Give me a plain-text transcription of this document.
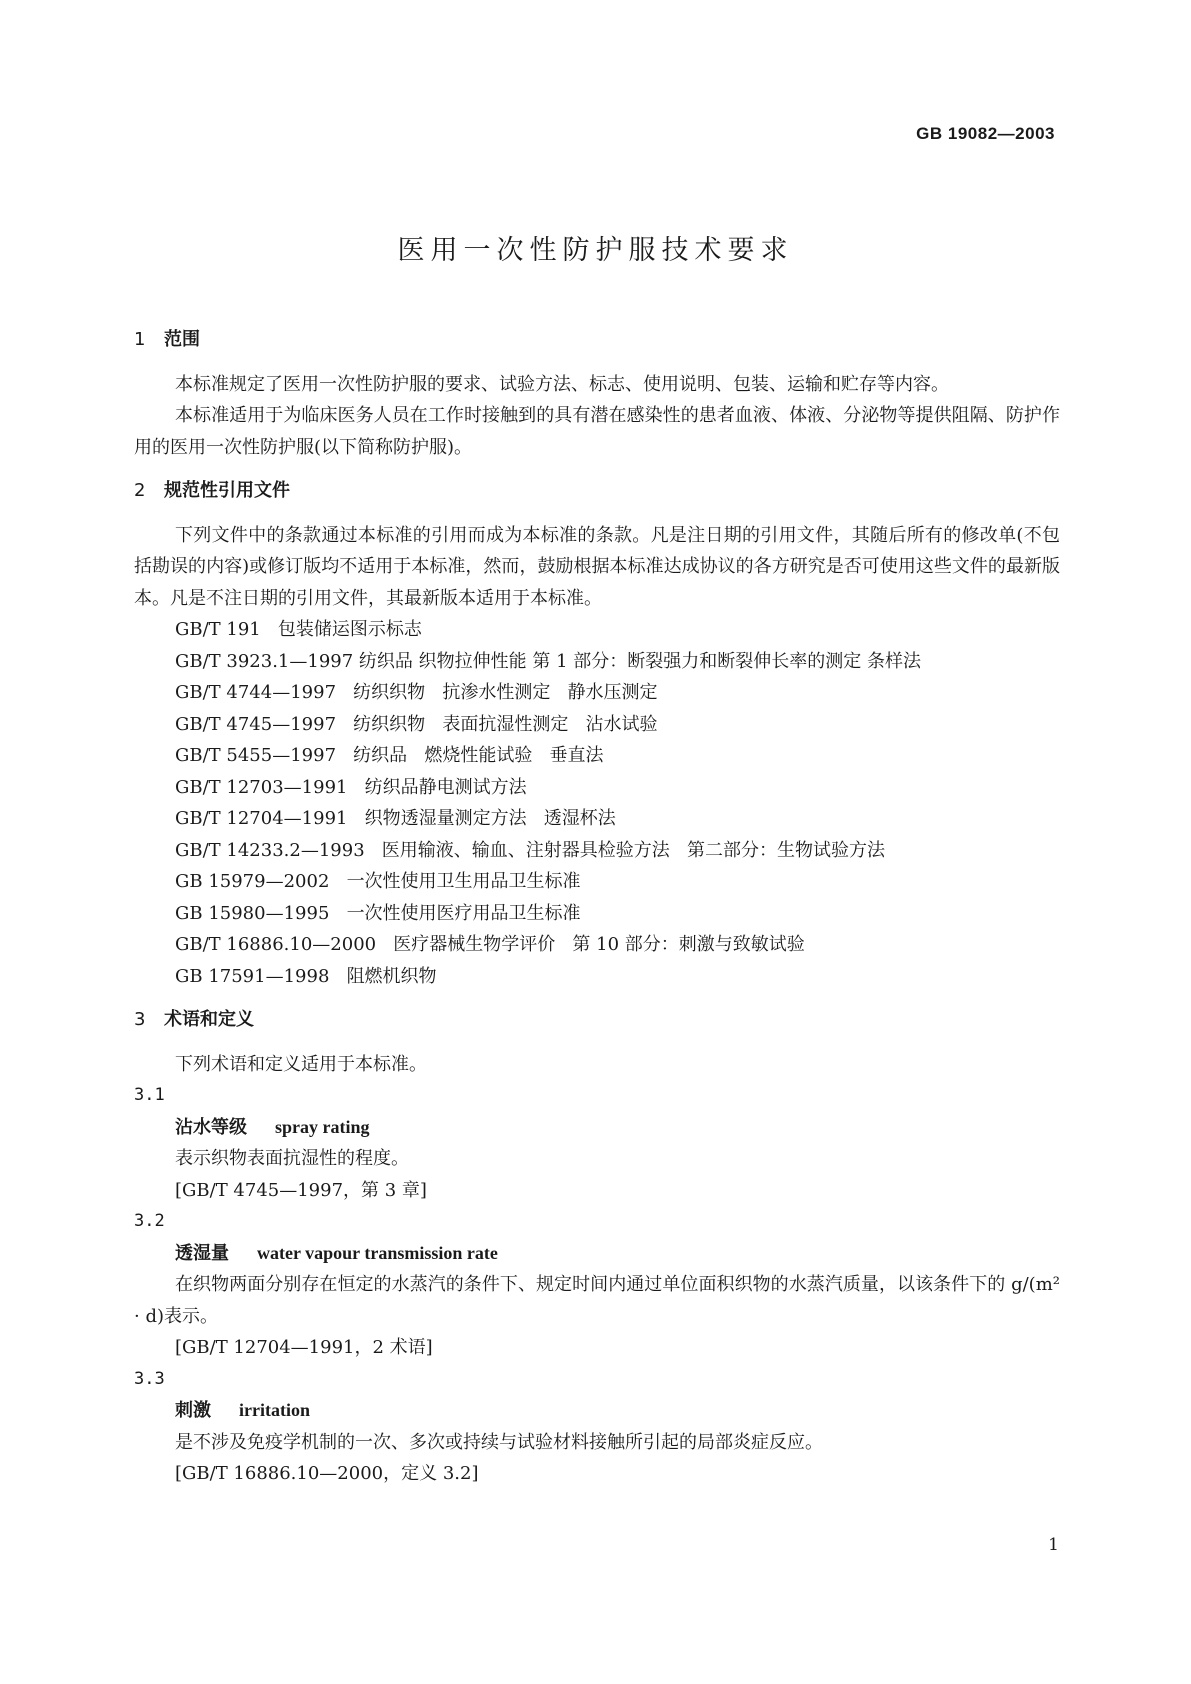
GB 19082—2003
医用一次性防护服技术要求
1 范围

本标准规定了医用一次性防护服的要求、试验方法、标志、使用说明、包装、运输和贮存等内容。

本标准适用于为临床医务人员在工作时接触到的具有潜在感染性的患者血液、体液、分泌物等提供阻隔、防护作用的医用一次性防护服(以下简称防护服)。

2 规范性引用文件

下列文件中的条款通过本标准的引用而成为本标准的条款。凡是注日期的引用文件，其随后所有的修改单(不包括勘误的内容)或修订版均不适用于本标准，然而，鼓励根据本标准达成协议的各方研究是否可使用这些文件的最新版本。凡是不注日期的引用文件，其最新版本适用于本标准。

GB/T 191   包装储运图示标志

GB/T 3923.1—1997 纺织品 织物拉伸性能 第 1 部分：断裂强力和断裂伸长率的测定 条样法

GB/T 4744—1997   纺织织物   抗渗水性测定   静水压测定

GB/T 4745—1997   纺织织物   表面抗湿性测定   沾水试验

GB/T 5455—1997   纺织品   燃烧性能试验   垂直法

GB/T 12703—1991   纺织品静电测试方法

GB/T 12704—1991   织物透湿量测定方法   透湿杯法

GB/T 14233.2—1993   医用输液、输血、注射器具检验方法   第二部分：生物试验方法

GB 15979—2002   一次性使用卫生用品卫生标准

GB 15980—1995   一次性使用医疗用品卫生标准

GB/T 16886.10—2000   医疗器械生物学评价   第 10 部分：刺激与致敏试验

GB 17591—1998   阻燃机织物

3 术语和定义

下列术语和定义适用于本标准。

3.1

沾水等级 spray rating

表示织物表面抗湿性的程度。

[GB/T 4745—1997，第 3 章]

3.2

透湿量 water vapour transmission rate

在织物两面分别存在恒定的水蒸汽的条件下、规定时间内通过单位面积织物的水蒸汽质量，以该条件下的 g/(m² · d)表示。

[GB/T 12704—1991，2 术语]

3.3

刺激 irritation

是不涉及免疫学机制的一次、多次或持续与试验材料接触所引起的局部炎症反应。

[GB/T 16886.10—2000，定义 3.2]

1
